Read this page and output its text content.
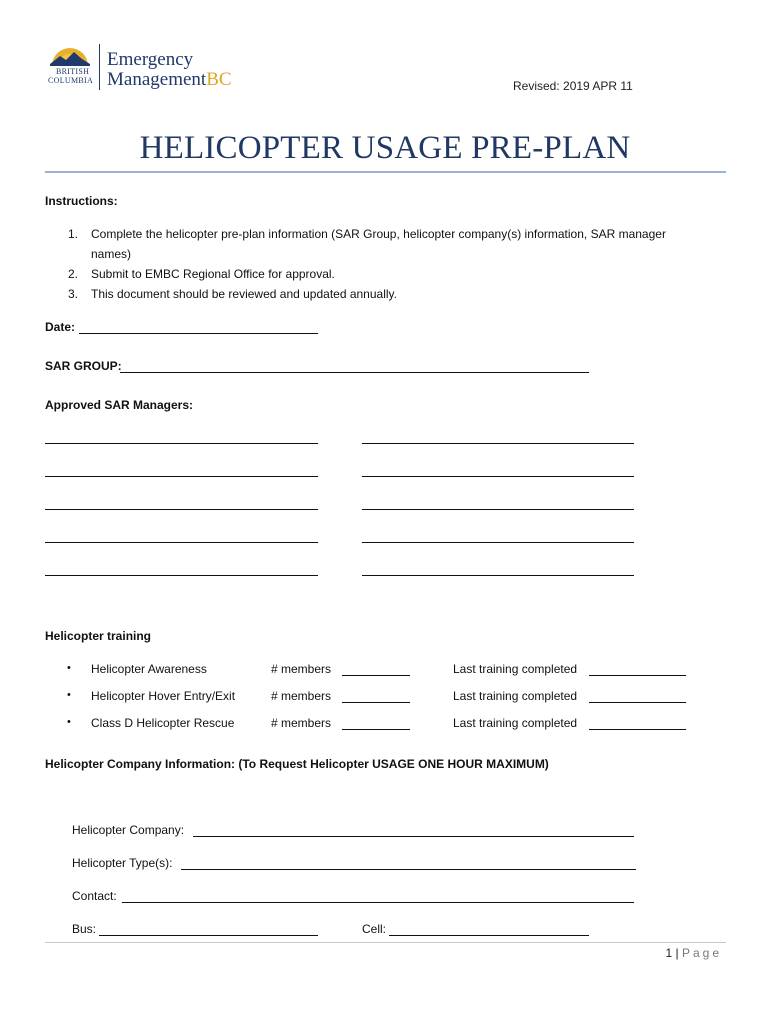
BRITISH
COLUMBIA
Emergency
ManagementBC	Revised: 2019 APR 11
HELICOPTER USAGE PRE-PLAN
Instructions:
1. Complete the helicopter pre-plan information (SAR Group, helicopter company(s) information, SAR manager
names)
2. Submit to EMBC Regional Office for approval.
3. This document should be reviewed and updated annually.
Date:
SAR GROUP:
Approved SAR Managers:
Helicopter training
• Helicopter Awareness	# members	Last training completed
• Helicopter Hover Entry/Exit	# members	Last training completed
• Class D Helicopter Rescue	# members	Last training completed
Helicopter Company Information: (To Request Helicopter USAGE ONE HOUR MAXIMUM)
Helicopter Company:
Helicopter Type(s):
Contact:
Bus:	Cell:
1 | Page
